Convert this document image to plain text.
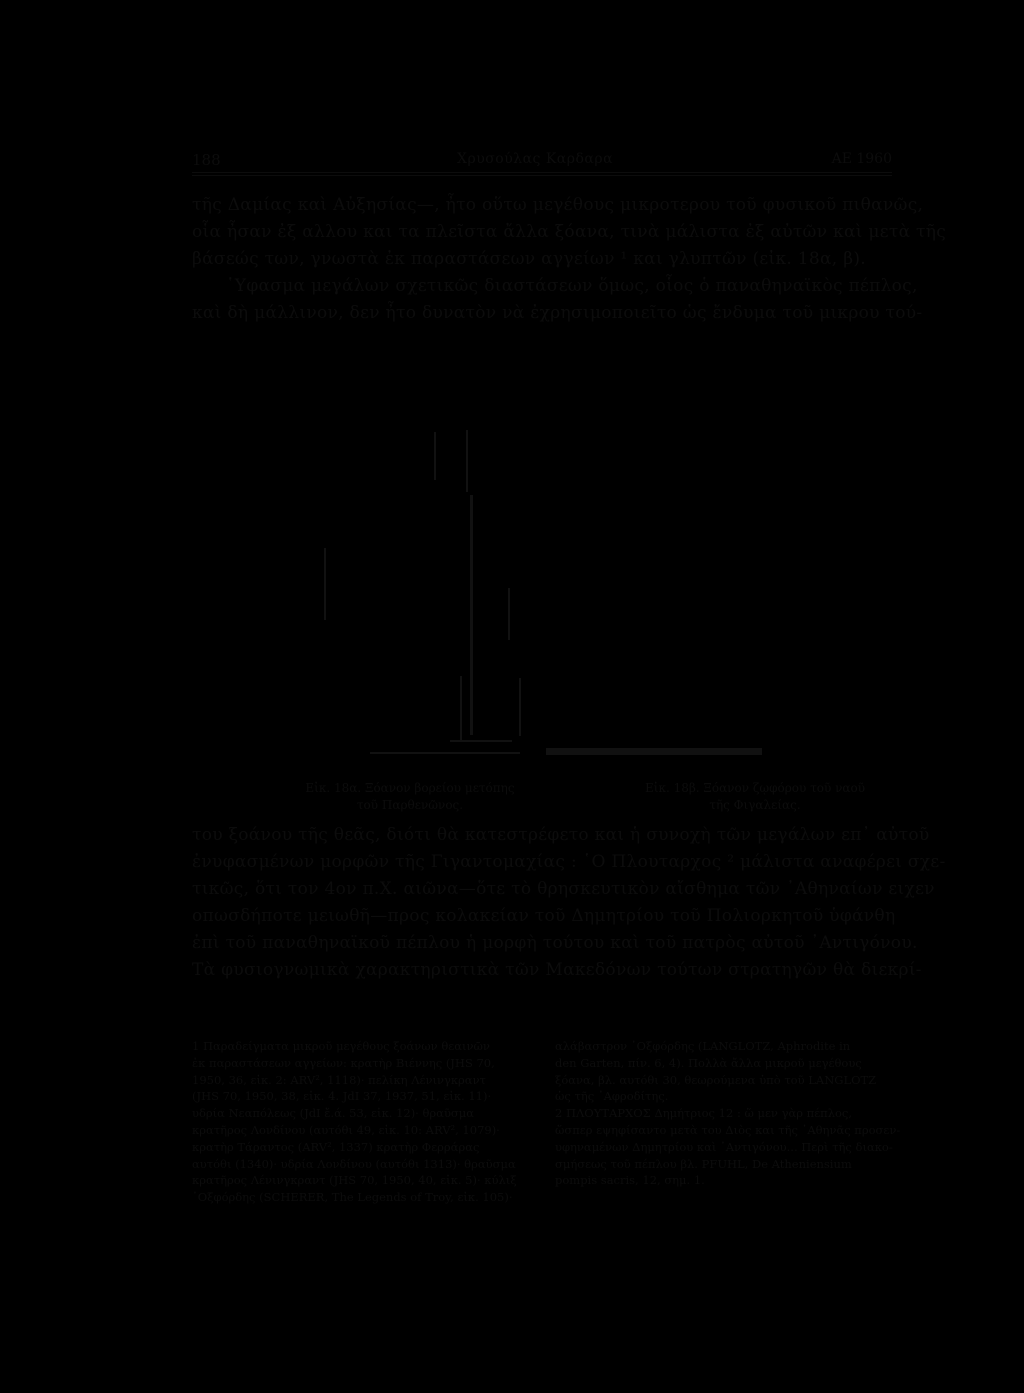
188	Χρυσούλας Καρδαρα	ΑΕ 1960

τῆς Δαμίας καὶ Αὐξησίας—, ἦτο οὕτω μεγέθους μικροτερου τοῦ φυσικοῦ πιθανῶς,

οἷα ἦσαν ἐξ αλλου και τα πλεῖστα ἄλλα ξόανα, τινὰ μάλιστα ἐξ αὐτῶν καὶ μετὰ τῆς

βάσεώς των, γνωστὰ ἐκ παραστάσεων αγγείων ¹ και γλυπτῶν (εἰκ. 18α, β).

῾Υφασμα μεγάλων σχετικῶς διαστάσεων ὅμως, οἷος ὁ παναθηναϊκὸς πέπλος,

καὶ δὴ μάλλινον, δεν ἦτο δυνατὸν νὰ ἐχρησιμοποιεῖτο ὡς ἔνδυμα τοῦ μικρου τού-

Εἰκ. 18α. Ξόανον βορείου μετόπης
τοῦ Παρθενῶνος.
Εἰκ. 18β. Ξόανον ζῳφόρου τοῦ ναοῦ
τῆς Φιγαλείας.

του ξοάνου τῆς θεᾶς, διότι θὰ κατεστρέφετο και ἡ συνοχὴ τῶν μεγάλων επ᾽ αὐτοῦ

ἐνυφασμένων μορφῶν τῆς Γιγαντομαχίας : ῾Ο Πλουταρχος ² μάλιστα αναφέρει σχε-

τικῶς, ὅτι τον 4ον π.Χ. αιῶνα—ὅτε τὸ θρησκευτικὸν αἴσθημα τῶν ᾿Αθηναίων ειχεν

οπωσδήποτε μειωθῆ—προς κολακείαν τοῦ Δημητρίου τοῦ Πολιορκητοῦ ὑφάνθη

ἐπὶ τοῦ παναθηναϊκοῦ πέπλου ἡ μορφὴ τούτου καὶ τοῦ πατρὸς αὐτοῦ ᾿Αντιγόνου.

Τὰ φυσιογνωμικὰ χαρακτηριστικὰ τῶν Μακεδόνων τούτων στρατηγῶν θὰ διεκρί-

1 Παραδείγματα μικροῦ μεγέθους ξοάνων θεαινῶν

ἐκ παραστάσεων αγγείων: κρατὴρ Βιέννης (JHS 70,

1950, 36, εἰκ. 2: ARV², 1118)· πελίκη Λένινγκραντ

(JHS 70, 1950, 38, εἰκ. 4. JdI 37, 1937, 51, εἰκ. 11)·

υδρία Νεαπόλεως (JdI ἔ.ά. 53, εἰκ. 12)· θραῦσμα

κρατῆρος Λονδίνου (αυτόθι 49, εἰκ. 10: ARV², 1079)·

κρατὴρ Τάραντος (ARV², 1337) κρατὴρ Φερράρας

αυτόθι (1340)· υδρία Λονδίνου (αυτόθι 1313)· θραῦσμα

κρατῆρος Λένινγκραντ (JHS 70, 1950, 40, εἰκ. 5)· κύλιξ

᾿Οξφόρδης (SCHERER, The Legends of Troy, εἰκ. 105)·

αλάβαστρον ᾿Οξφόρδης (LANGLOTZ, Aphrodite in

den Garten, πίν. 6, 4). Πολλὰ ἄλλα μικροῦ μεγέθους

ξόανα, βλ. αυτόθι 30, θεωρούμενα ὑπὸ τοῦ LANGLOTZ

ὡς τῆς ᾿Αφροδίτης.

2 ΠΛΟΥΤΑΡΧΟΣ Δημήτριος 12 : ὥ μεν γὰρ πέπλος,

ὥσπερ εψηφίσαντο μετὰ του Διὸς και τῆς ᾿Αθηνᾶς προσεν-

υφηναμένων Δημητρίου καὶ ᾿Αντιγόνου... Περὶ τῆς διακο-

σμήσεως τοῦ πέπλου βλ. PFUHL, De Atheniensium

pompis sacris, 12, σημ. 1.
